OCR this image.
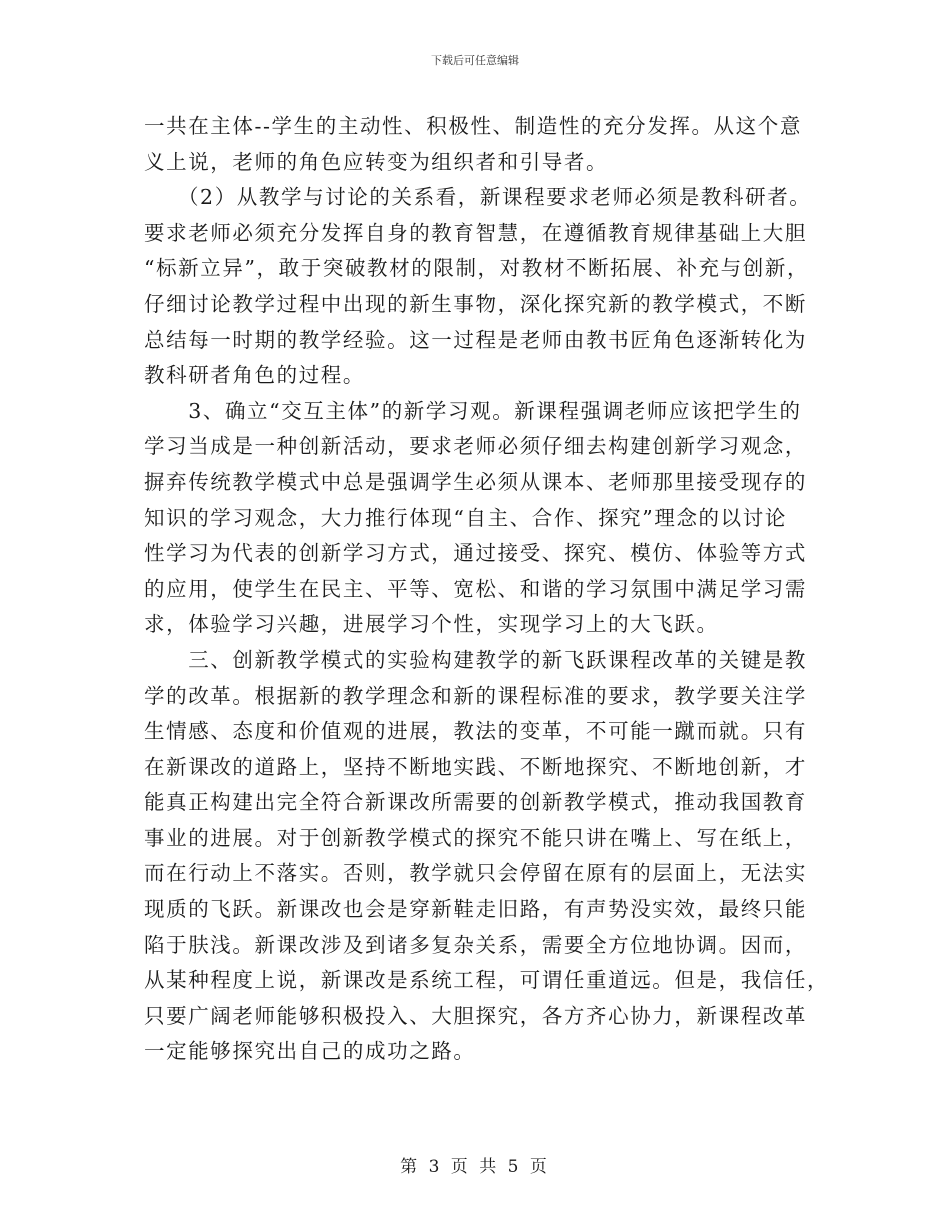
下载后可任意编辑
一共在主体--学生的主动性、积极性、制造性的充分发挥。从这个意
义上说，老师的角色应转变为组织者和引导者。
　　（2）从教学与讨论的关系看，新课程要求老师必须是教科研者。
要求老师必须充分发挥自身的教育智慧，在遵循教育规律基础上大胆
“标新立异”，敢于突破教材的限制，对教材不断拓展、补充与创新，
仔细讨论教学过程中出现的新生事物，深化探究新的教学模式，不断
总结每一时期的教学经验。这一过程是老师由教书匠角色逐渐转化为
教科研者角色的过程。
　　3、确立“交互主体”的新学习观。新课程强调老师应该把学生的
学习当成是一种创新活动，要求老师必须仔细去构建创新学习观念，
摒弃传统教学模式中总是强调学生必须从课本、老师那里接受现存的
知识的学习观念，大力推行体现“自主、合作、探究”理念的以讨论
性学习为代表的创新学习方式，通过接受、探究、模仿、体验等方式
的应用，使学生在民主、平等、宽松、和谐的学习氛围中满足学习需
求，体验学习兴趣，进展学习个性，实现学习上的大飞跃。
　　三、创新教学模式的实验构建教学的新飞跃课程改革的关键是教
学的改革。根据新的教学理念和新的课程标准的要求，教学要关注学
生情感、态度和价值观的进展，教法的变革，不可能一蹴而就。只有
在新课改的道路上，坚持不断地实践、不断地探究、不断地创新，才
能真正构建出完全符合新课改所需要的创新教学模式，推动我国教育
事业的进展。对于创新教学模式的探究不能只讲在嘴上、写在纸上，
而在行动上不落实。否则，教学就只会停留在原有的层面上，无法实
现质的飞跃。新课改也会是穿新鞋走旧路，有声势没实效，最终只能
陷于肤浅。新课改涉及到诸多复杂关系，需要全方位地协调。因而，
从某种程度上说，新课改是系统工程，可谓任重道远。但是，我信任，
只要广阔老师能够积极投入、大胆探究，各方齐心协力，新课程改革
一定能够探究出自己的成功之路。
第 3 页 共 5 页
